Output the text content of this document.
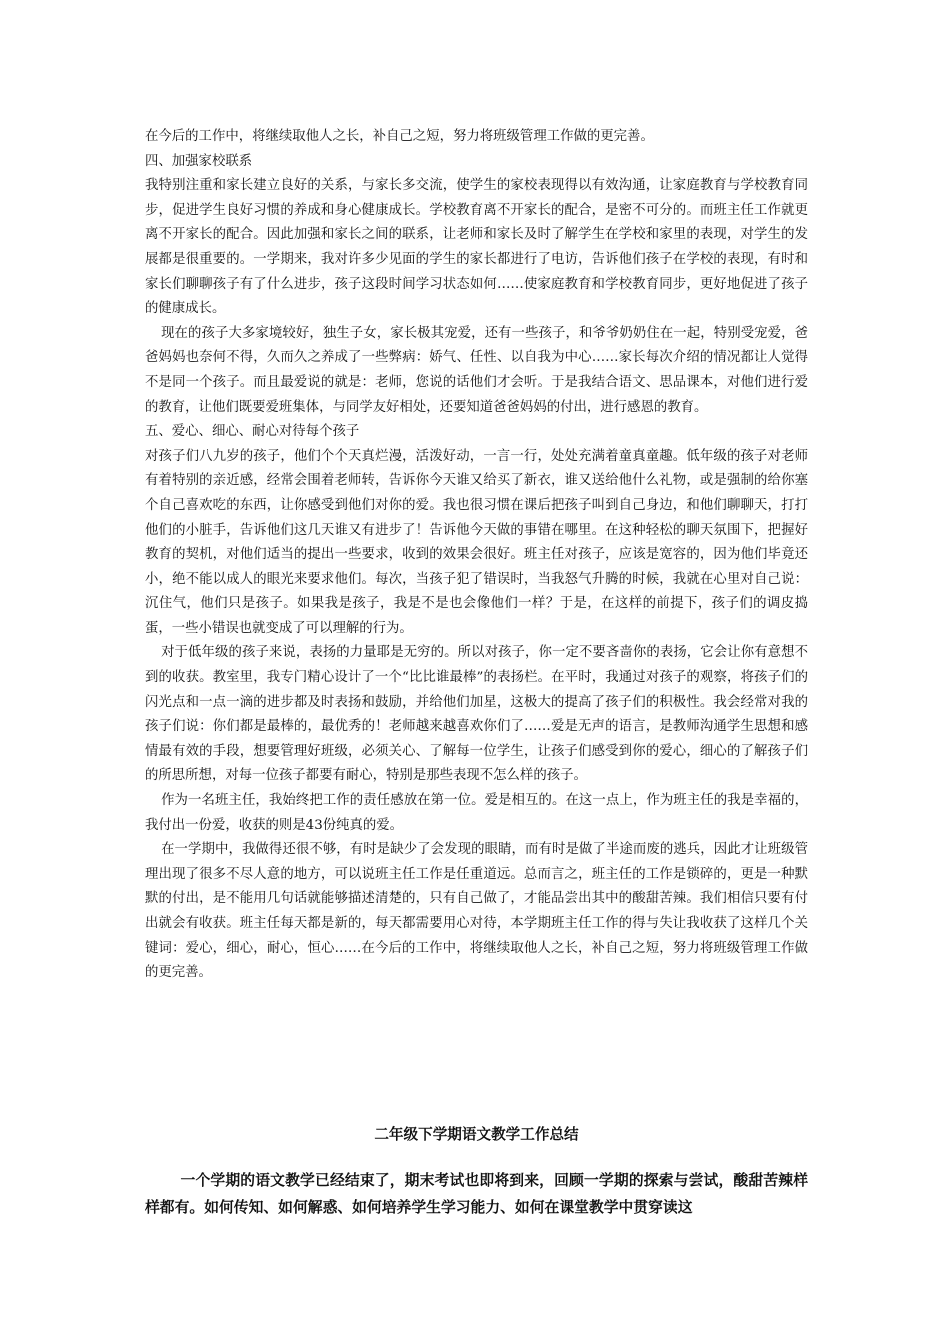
在今后的工作中，将继续取他人之长，补自己之短，努力将班级管理工作做的更完善。

四、加强家校联系

我特别注重和家长建立良好的关系，与家长多交流，使学生的家校表现得以有效沟通，让家庭教育与学校教育同步，促进学生良好习惯的养成和身心健康成长。学校教育离不开家长的配合，是密不可分的。而班主任工作就更离不开家长的配合。因此加强和家长之间的联系，让老师和家长及时了解学生在学校和家里的表现，对学生的发展都是很重要的。一学期来，我对许多少见面的学生的家长都进行了电访，告诉他们孩子在学校的表现，有时和家长们聊聊孩子有了什么进步，孩子这段时间学习状态如何……使家庭教育和学校教育同步，更好地促进了孩子的健康成长。

现在的孩子大多家境较好，独生子女，家长极其宠爱，还有一些孩子，和爷爷奶奶住在一起，特别受宠爱，爸爸妈妈也奈何不得，久而久之养成了一些弊病：娇气、任性、以自我为中心……家长每次介绍的情况都让人觉得不是同一个孩子。而且最爱说的就是：老师，您说的话他们才会听。于是我结合语文、思品课本，对他们进行爱的教育，让他们既要爱班集体，与同学友好相处，还要知道爸爸妈妈的付出，进行感恩的教育。

五、爱心、细心、耐心对待每个孩子

对孩子们八九岁的孩子，他们个个天真烂漫，活泼好动，一言一行，处处充满着童真童趣。低年级的孩子对老师有着特别的亲近感，经常会围着老师转，告诉你今天谁又给买了新衣，谁又送给他什么礼物，或是强制的给你塞个自己喜欢吃的东西，让你感受到他们对你的爱。我也很习惯在课后把孩子叫到自己身边，和他们聊聊天，打打他们的小脏手，告诉他们这几天谁又有进步了！告诉他今天做的事错在哪里。在这种轻松的聊天氛围下，把握好教育的契机，对他们适当的提出一些要求，收到的效果会很好。班主任对孩子，应该是宽容的，因为他们毕竟还小，绝不能以成人的眼光来要求他们。每次，当孩子犯了错误时，当我怒气升腾的时候，我就在心里对自己说：沉住气，他们只是孩子。如果我是孩子，我是不是也会像他们一样？于是，在这样的前提下，孩子们的调皮捣蛋，一些小错误也就变成了可以理解的行为。

对于低年级的孩子来说，表扬的力量耶是无穷的。所以对孩子，你一定不要吝啬你的表扬，它会让你有意想不到的收获。教室里，我专门精心设计了一个“比比谁最棒”的表扬栏。在平时，我通过对孩子的观察，将孩子们的闪光点和一点一滴的进步都及时表扬和鼓励，并给他们加星，这极大的提高了孩子们的积极性。我会经常对我的孩子们说：你们都是最棒的，最优秀的！老师越来越喜欢你们了……爱是无声的语言，是教师沟通学生思想和感情最有效的手段，想要管理好班级，必须关心、了解每一位学生，让孩子们感受到你的爱心，细心的了解孩子们的所思所想，对每一位孩子都要有耐心，特别是那些表现不怎么样的孩子。

作为一名班主任，我始终把工作的责任感放在第一位。爱是相互的。在这一点上，作为班主任的我是幸福的，我付出一份爱，收获的则是43份纯真的爱。

在一学期中，我做得还很不够，有时是缺少了会发现的眼睛，而有时是做了半途而废的逃兵，因此才让班级管理出现了很多不尽人意的地方，可以说班主任工作是任重道远。总而言之，班主任的工作是锁碎的，更是一种默默的付出，是不能用几句话就能够描述清楚的，只有自己做了，才能品尝出其中的酸甜苦辣。我们相信只要有付出就会有收获。班主任每天都是新的，每天都需要用心对待，本学期班主任工作的得与失让我收获了这样几个关键词：爱心，细心，耐心，恒心……在今后的工作中，将继续取他人之长，补自己之短，努力将班级管理工作做的更完善。

二年级下学期语文教学工作总结

一个学期的语文教学已经结束了，期末考试也即将到来，回顾一学期的探索与尝试，酸甜苦辣样样都有。如何传知、如何解惑、如何培养学生学习能力、如何在课堂教学中贯穿读这
